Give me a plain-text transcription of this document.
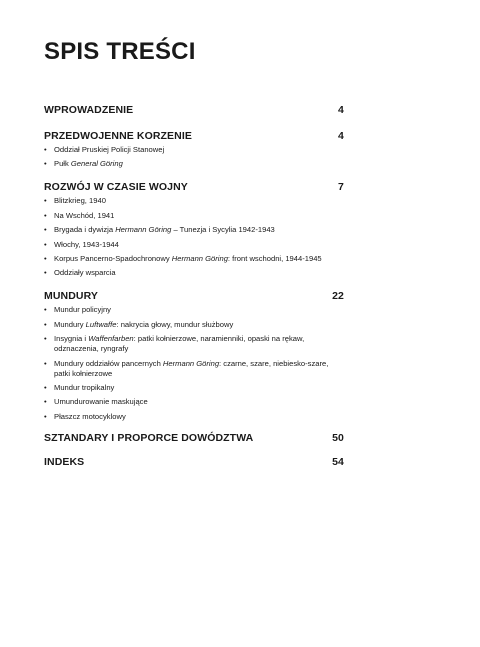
SPIS TREŚCI
WPROWADZENIE	4
PRZEDWOJENNE KORZENIE	4
• Oddział Pruskiej Policji Stanowej
• Pułk General Göring
ROZWÓJ W CZASIE WOJNY	7
• Blitzkrieg, 1940
• Na Wschód, 1941
• Brygada i dywizja Hermann Göring – Tunezja i Sycylia 1942-1943
• Włochy, 1943-1944
• Korpus Pancerno-Spadochronowy Hermann Göring: front wschodni, 1944-1945
• Oddziały wsparcia
MUNDURY	22
• Mundur policyjny
• Mundury Luftwaffe: nakrycia głowy, mundur służbowy
• Insygnia i Waffenfarben: patki kołnierzowe, naramienniki, opaski na rękaw, odznaczenia, ryngrafy
• Mundury oddziałów pancernych Hermann Göring: czarne, szare, niebiesko-szare, patki kołnierzowe
• Mundur tropikalny
• Umundurowanie maskujące
• Płaszcz motocyklowy
SZTANDARY I PROPORCE DOWÓDZTWA	50
INDEKS	54
